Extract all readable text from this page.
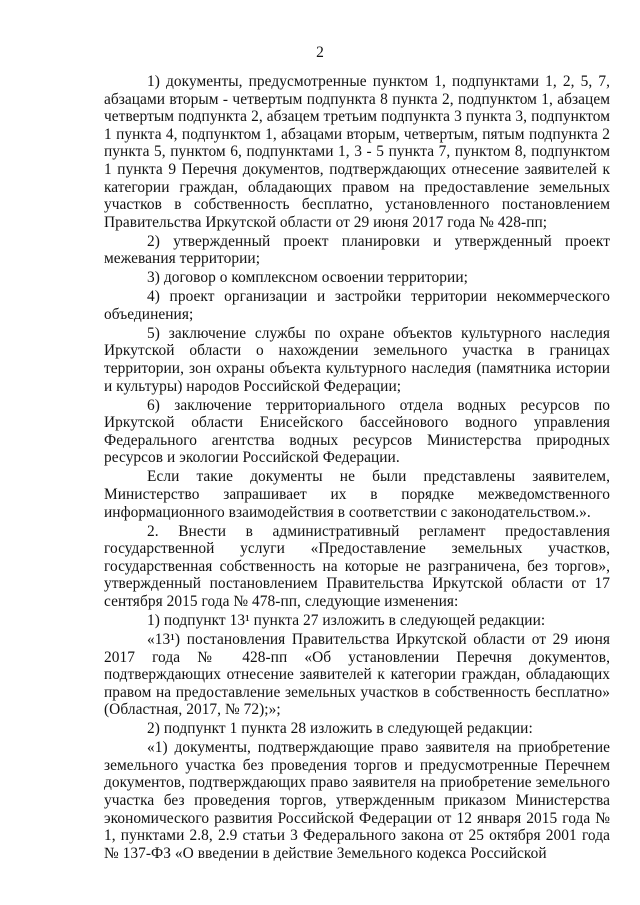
2

1) документы, предусмотренные пунктом 1, подпунктами 1, 2, 5, 7, абзацами вторым - четвертым подпункта 8 пункта 2, подпунктом 1, абзацем четвертым подпункта 2, абзацем третьим подпункта 3 пункта 3, подпунктом 1 пункта 4, подпунктом 1, абзацами вторым, четвертым, пятым подпункта 2 пункта 5, пунктом 6, подпунктами 1, 3 - 5 пункта 7, пунктом 8, подпунктом 1 пункта 9 Перечня документов, подтверждающих отнесение заявителей к категории граждан, обладающих правом на предоставление земельных участков в собственность бесплатно, установленного постановлением Правительства Иркутской области от 29 июня 2017 года № 428-пп;

2) утвержденный проект планировки и утвержденный проект межевания территории;

3) договор о комплексном освоении территории;

4) проект организации и застройки территории некоммерческого объединения;

5) заключение службы по охране объектов культурного наследия Иркутской области о нахождении земельного участка в границах территории, зон охраны объекта культурного наследия (памятника истории и культуры) народов Российской Федерации;

6) заключение территориального отдела водных ресурсов по Иркутской области Енисейского бассейнового водного управления Федерального агентства водных ресурсов Министерства природных ресурсов и экологии Российской Федерации.

Если такие документы не были представлены заявителем, Министерство запрашивает их в порядке межведомственного информационного взаимодействия в соответствии с законодательством.».

2. Внести в административный регламент предоставления государственной услуги «Предоставление земельных участков, государственная собственность на которые не разграничена, без торгов», утвержденный постановлением Правительства Иркутской области от 17 сентября 2015 года № 478-пп, следующие изменения:

1) подпункт 13¹ пункта 27 изложить в следующей редакции:

«13¹) постановления Правительства Иркутской области от 29 июня 2017 года № 428-пп «Об установлении Перечня документов, подтверждающих отнесение заявителей к категории граждан, обладающих правом на предоставление земельных участков в собственность бесплатно» (Областная, 2017, № 72);»;

2) подпункт 1 пункта 28 изложить в следующей редакции:

«1) документы, подтверждающие право заявителя на приобретение земельного участка без проведения торгов и предусмотренные Перечнем документов, подтверждающих право заявителя на приобретение земельного участка без проведения торгов, утвержденным приказом Министерства экономического развития Российской Федерации от 12 января 2015 года № 1, пунктами 2.8, 2.9 статьи 3 Федерального закона от 25 октября 2001 года № 137-ФЗ «О введении в действие Земельного кодекса Российской
